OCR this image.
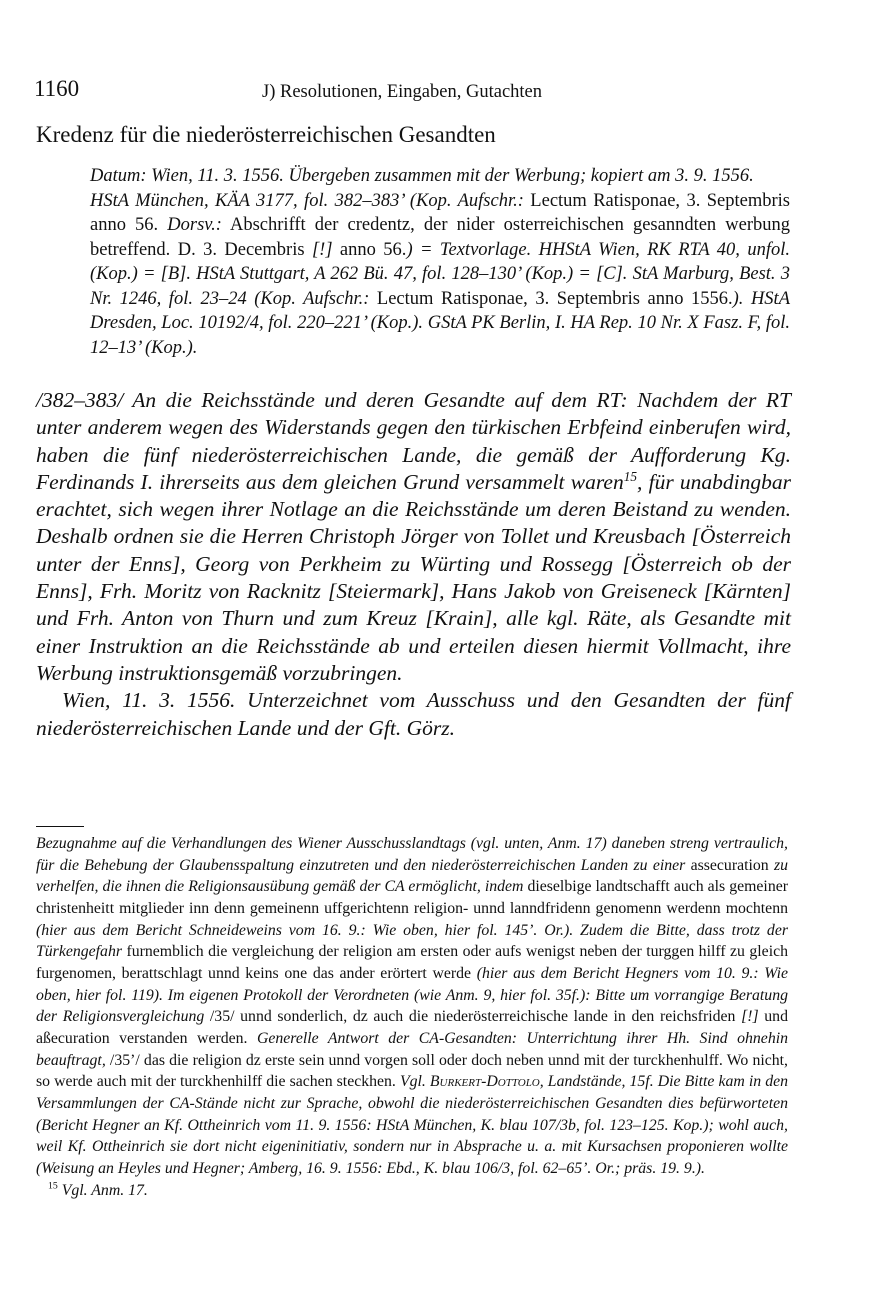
1160	J) Resolutionen, Eingaben, Gutachten
Kredenz für die niederösterreichischen Gesandten

Datum: Wien, 11. 3. 1556. Übergeben zusammen mit der Werbung; kopiert am 3. 9. 1556.

HStA München, KÄA 3177, fol. 382–383’ (Kop. Aufschr.: Lectum Ratisponae, 3. Septembris anno 56. Dorsv.: Abschrifft der credentz, der nider osterreichischen gesanndten werbung betreffend. D. 3. Decembris [!] anno 56.) = Textvorlage. HHStA Wien, RK RTA 40, unfol. (Kop.) = [B]. HStA Stuttgart, A 262 Bü. 47, fol. 128–130’ (Kop.) = [C]. StA Marburg, Best. 3 Nr. 1246, fol. 23–24 (Kop. Aufschr.: Lectum Ratisponae, 3. Septembris anno 1556.). HStA Dresden, Loc. 10192/4, fol. 220–221’ (Kop.). GStA PK Berlin, I. HA Rep. 10 Nr. X Fasz. F, fol. 12–13’ (Kop.).

/382–383/ An die Reichsstände und deren Gesandte auf dem RT: Nachdem der RT unter anderem wegen des Widerstands gegen den türkischen Erbfeind einberufen wird, haben die fünf niederösterreichischen Lande, die gemäß der Aufforderung Kg. Ferdinands I. ihrerseits aus dem gleichen Grund versammelt waren$^{15}$, für unabdingbar erachtet, sich wegen ihrer Notlage an die Reichsstände um deren Beistand zu wenden. Deshalb ordnen sie die Herren Christoph Jörger von Tollet und Kreusbach [Österreich unter der Enns], Georg von Perkheim zu Würting und Rossegg [Österreich ob der Enns], Frh. Moritz von Racknitz [Steiermark], Hans Jakob von Greiseneck [Kärnten] und Frh. Anton von Thurn und zum Kreuz [Krain], alle kgl. Räte, als Gesandte mit einer Instruktion an die Reichsstände ab und erteilen diesen hiermit Vollmacht, ihre Werbung instruktionsgemäß vorzubringen.

Wien, 11. 3. 1556. Unterzeichnet vom Ausschuss und den Gesandten der fünf niederösterreichischen Lande und der Gft. Görz.

Bezugnahme auf die Verhandlungen des Wiener Ausschusslandtags (vgl. unten, Anm. 17) daneben streng vertraulich, für die Behebung der Glaubensspaltung einzutreten und den niederösterreichischen Landen zu einer assecuration zu verhelfen, die ihnen die Religionsausübung gemäß der CA ermöglicht, indem dieselbige landtschafft auch als gemeiner christenheitt mitglieder inn denn gemeinenn uffgerichtenn religion- unnd lanndfridenn genomenn werdenn mochtenn (hier aus dem Bericht Schneideweins vom 16. 9.: Wie oben, hier fol. 145’. Or.). Zudem die Bitte, dass trotz der Türkengefahr furnemblich die vergleichung der religion am ersten oder aufs wenigst neben der turggen hilff zu gleich furgenomen, berattschlagt unnd keins one das ander erörtert werde (hier aus dem Bericht Hegners vom 10. 9.: Wie oben, hier fol. 119). Im eigenen Protokoll der Verordneten (wie Anm. 9, hier fol. 35f.): Bitte um vorrangige Beratung der Religionsvergleichung /35/ unnd sonderlich, dz auch die niederösterreichische lande in den reichsfriden [!] und aßecuration verstanden werden. Generelle Antwort der CA-Gesandten: Unterrichtung ihrer Hh. Sind ohnehin beauftragt, /35’/ das die religion dz erste sein unnd vorgen soll oder doch neben unnd mit der turckhenhulff. Wo nicht, so werde auch mit der turckhenhilff die sachen steckhen. Vgl. Burkert-Dottolo, Landstände, 15f. Die Bitte kam in den Versammlungen der CA-Stände nicht zur Sprache, obwohl die niederösterreichischen Gesandten dies befürworteten (Bericht Hegner an Kf. Ottheinrich vom 11. 9. 1556: HStA München, K. blau 107/3b, fol. 123–125. Kop.); wohl auch, weil Kf. Ottheinrich sie dort nicht eigeninitiativ, sondern nur in Absprache u. a. mit Kursachsen proponieren wollte (Weisung an Heyles und Hegner; Amberg, 16. 9. 1556: Ebd., K. blau 106/3, fol. 62–65’. Or.; präs. 19. 9.).

$^{15}$ Vgl. Anm. 17.
